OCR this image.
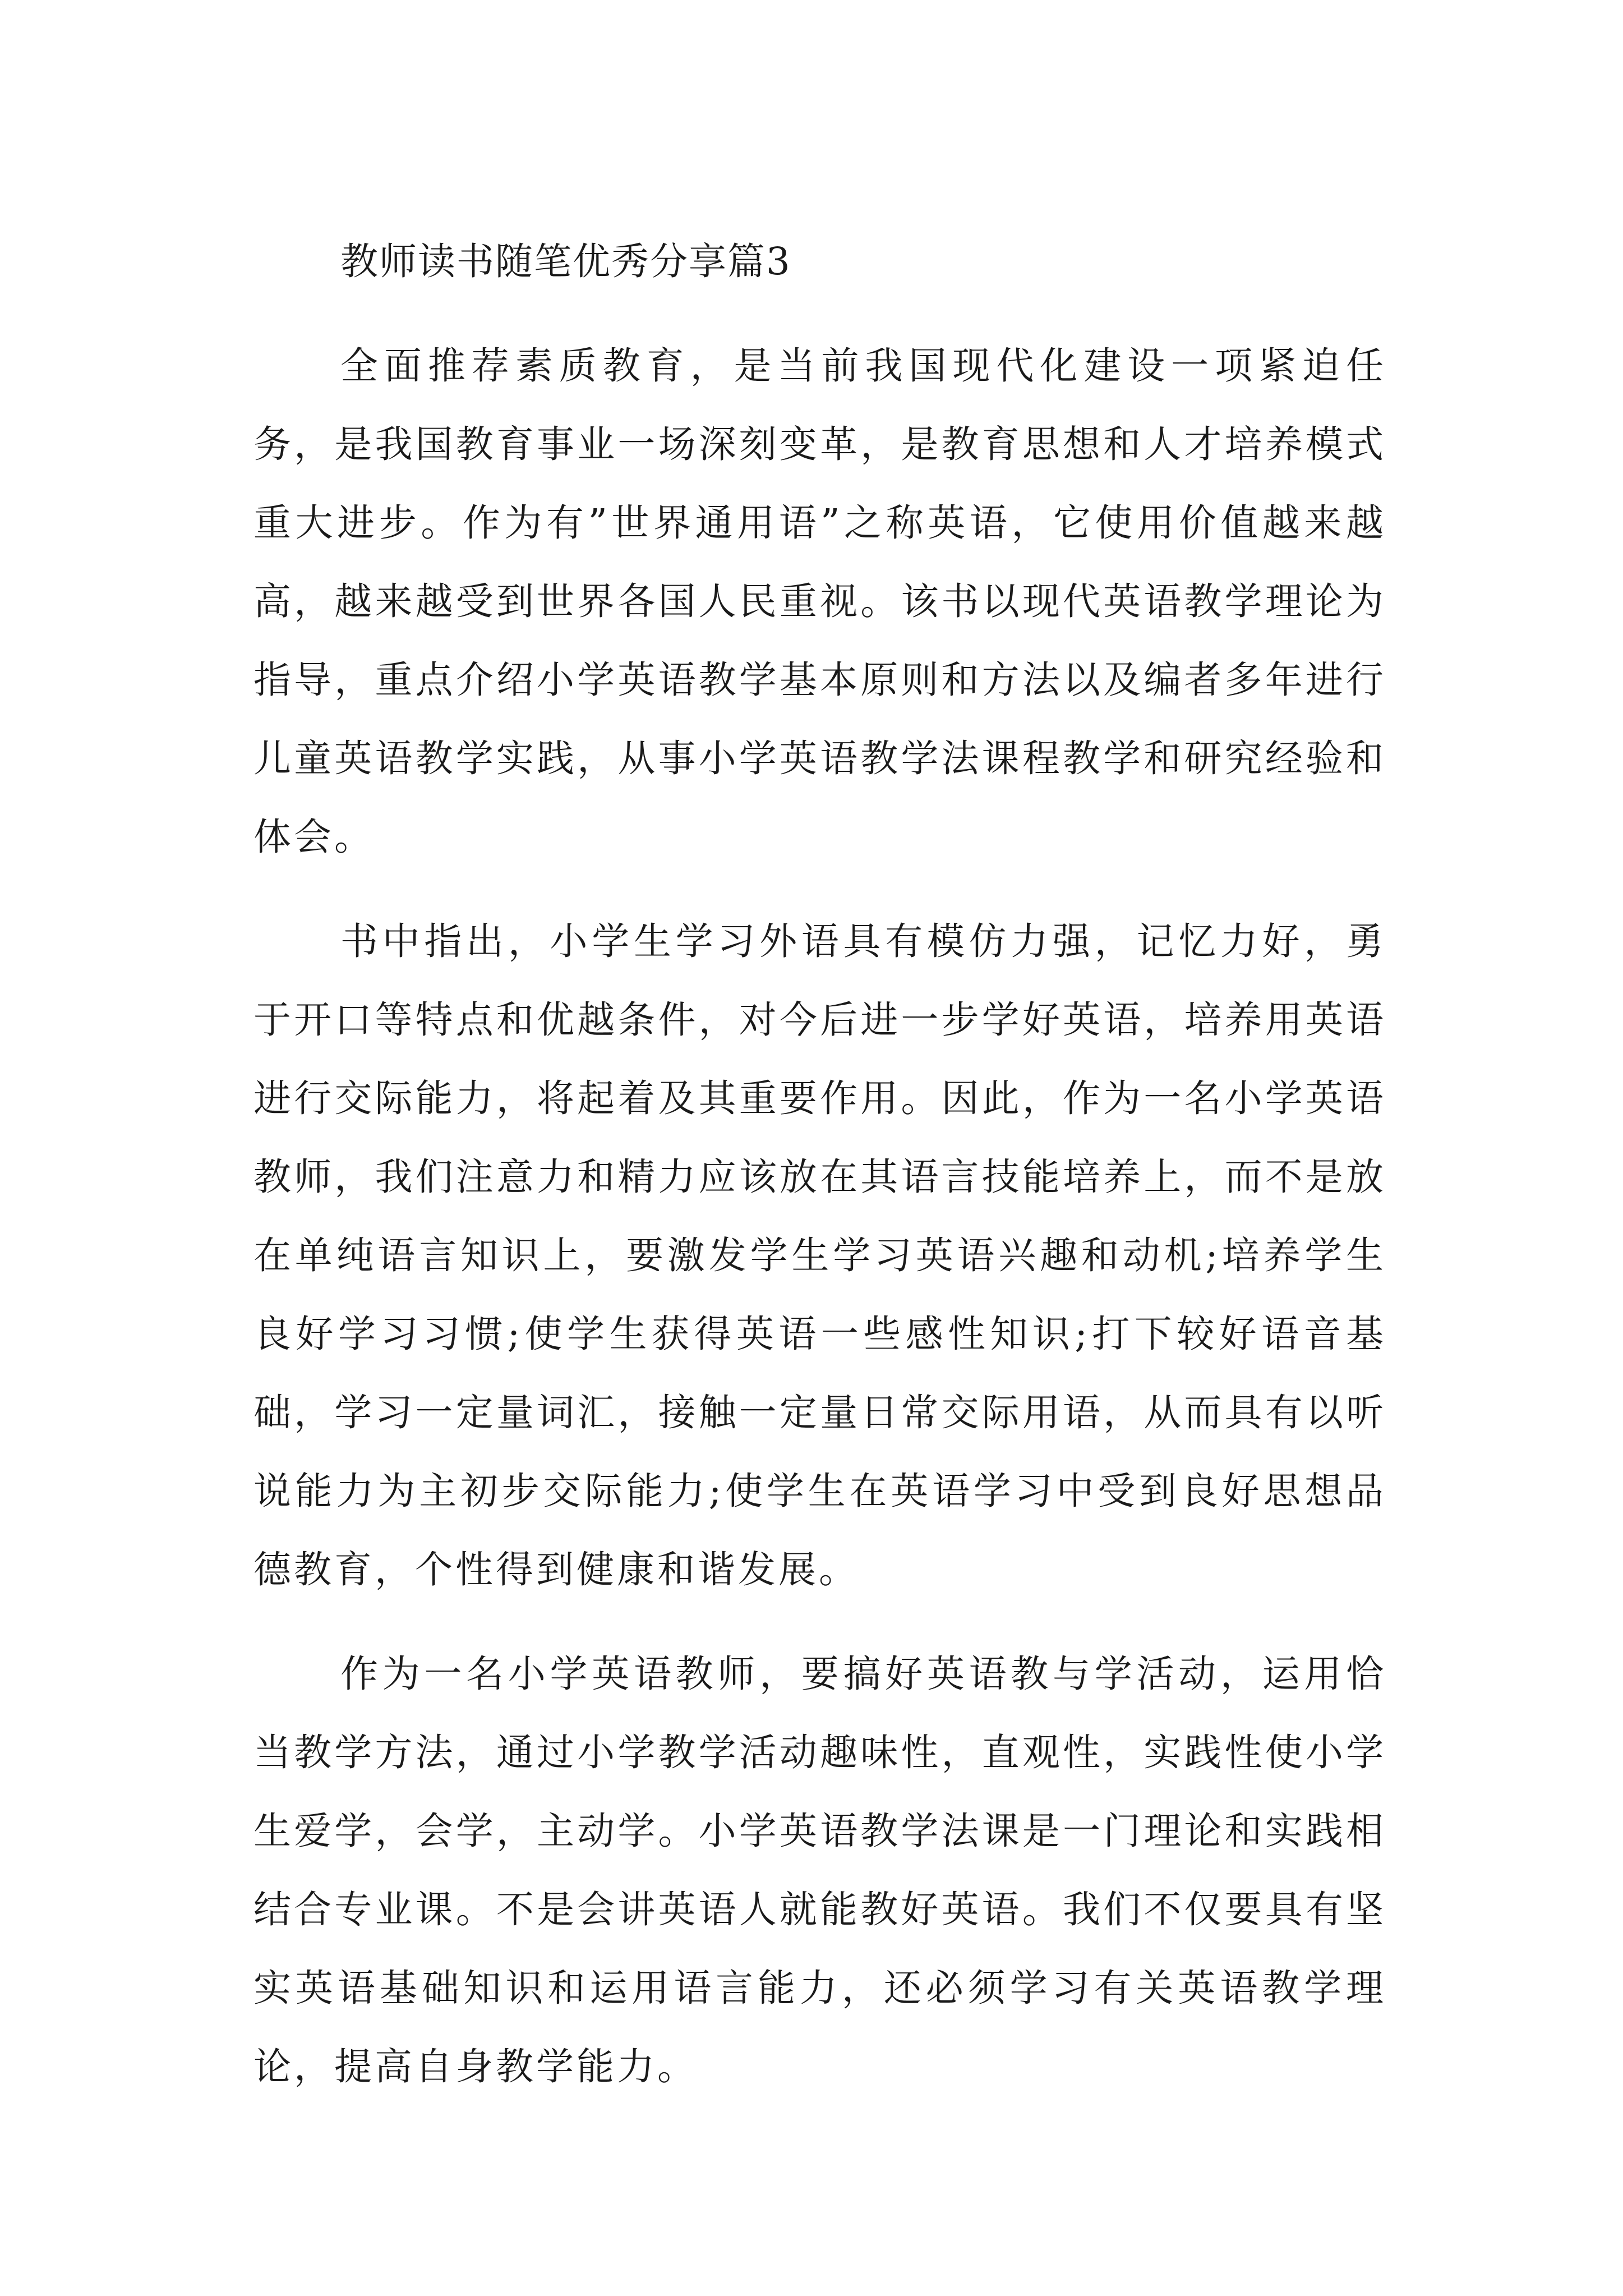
教师读书随笔优秀分享篇3

全面推荐素质教育，是当前我国现代化建设一项紧迫任务，是我国教育事业一场深刻变革，是教育思想和人才培养模式重大进步。作为有”世界通用语”之称英语，它使用价值越来越高，越来越受到世界各国人民重视。该书以现代英语教学理论为指导，重点介绍小学英语教学基本原则和方法以及编者多年进行儿童英语教学实践，从事小学英语教学法课程教学和研究经验和体会。

书中指出，小学生学习外语具有模仿力强，记忆力好，勇于开口等特点和优越条件，对今后进一步学好英语，培养用英语进行交际能力，将起着及其重要作用。因此，作为一名小学英语教师，我们注意力和精力应该放在其语言技能培养上，而不是放在单纯语言知识上，要激发学生学习英语兴趣和动机;培养学生良好学习习惯;使学生获得英语一些感性知识;打下较好语音基础，学习一定量词汇，接触一定量日常交际用语，从而具有以听说能力为主初步交际能力;使学生在英语学习中受到良好思想品德教育，个性得到健康和谐发展。

作为一名小学英语教师，要搞好英语教与学活动，运用恰当教学方法，通过小学教学活动趣味性，直观性，实践性使小学生爱学，会学，主动学。小学英语教学法课是一门理论和实践相结合专业课。不是会讲英语人就能教好英语。我们不仅要具有坚实英语基础知识和运用语言能力，还必须学习有关英语教学理论，提高自身教学能力。
